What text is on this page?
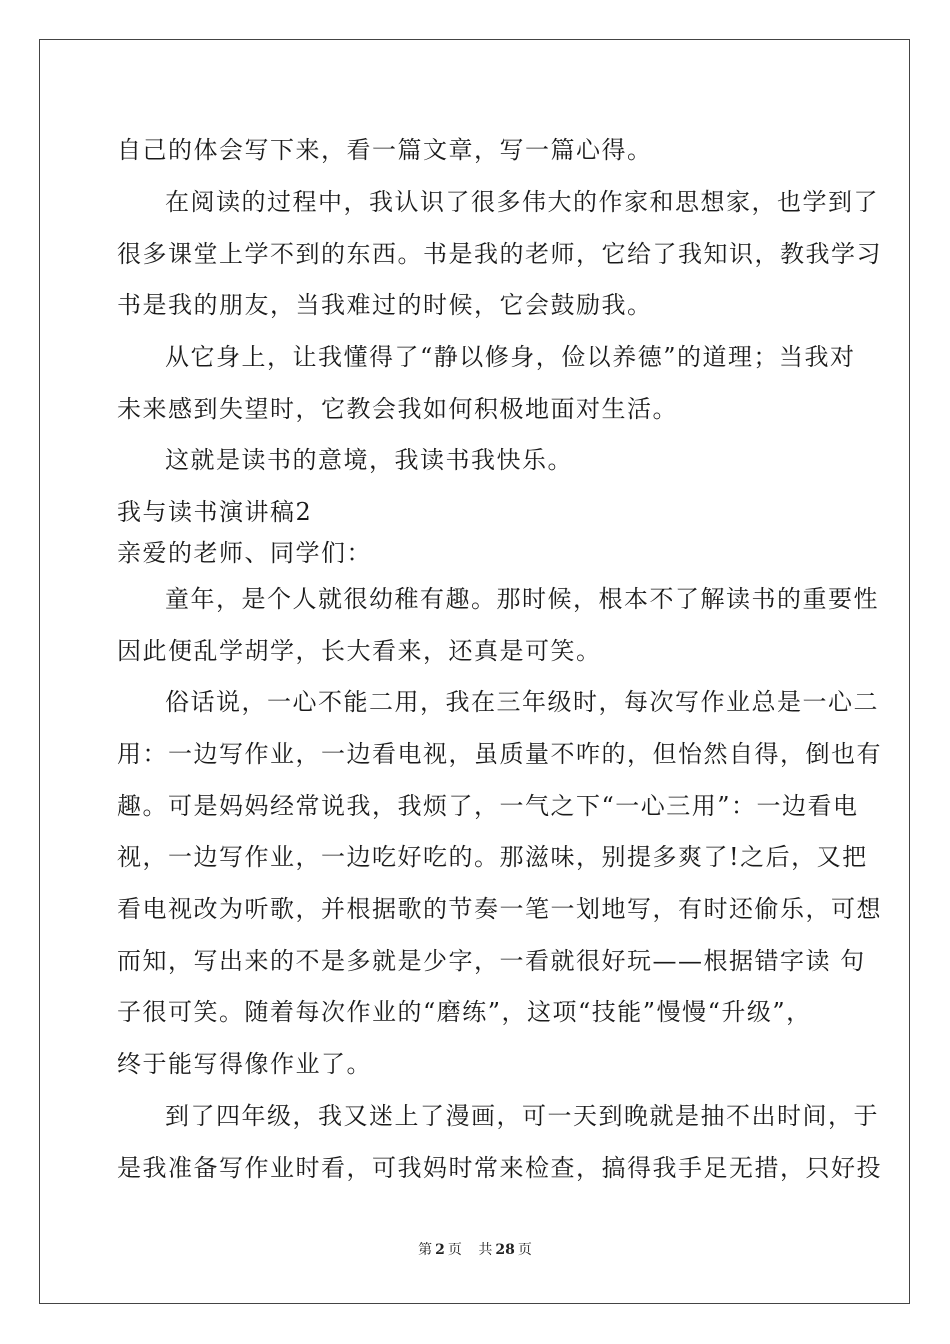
自己的体会写下来，看一篇文章，写一篇心得。
在阅读的过程中，我认识了很多伟大的作家和思想家，也学到了
很多课堂上学不到的东西。书是我的老师，它给了我知识，教我学习
书是我的朋友，当我难过的时候，它会鼓励我。
从它身上，让我懂得了“静以修身，俭以养德”的道理；当我对
未来感到失望时，它教会我如何积极地面对生活。
这就是读书的意境，我读书我快乐。
我与读书演讲稿2
亲爱的老师、同学们：
童年，是个人就很幼稚有趣。那时候，根本不了解读书的重要性
因此便乱学胡学，长大看来，还真是可笑。
俗话说，一心不能二用，我在三年级时，每次写作业总是一心二
用：一边写作业，一边看电视，虽质量不咋的，但怡然自得，倒也有
趣。可是妈妈经常说我，我烦了，一气之下“一心三用”：一边看电
视，一边写作业，一边吃好吃的。那滋味，别提多爽了!之后，又把
看电视改为听歌，并根据歌的节奏一笔一划地写，有时还偷乐，可想
而知，写出来的不是多就是少字，一看就很好玩——根据错字读 句
子很可笑。随着每次作业的“磨练”，这项“技能”慢慢“升级”，
终于能写得像作业了。
到了四年级，我又迷上了漫画，可一天到晚就是抽不出时间，于
是我准备写作业时看，可我妈时常来检查，搞得我手足无措，只好投
第 2 页 共 28 页
